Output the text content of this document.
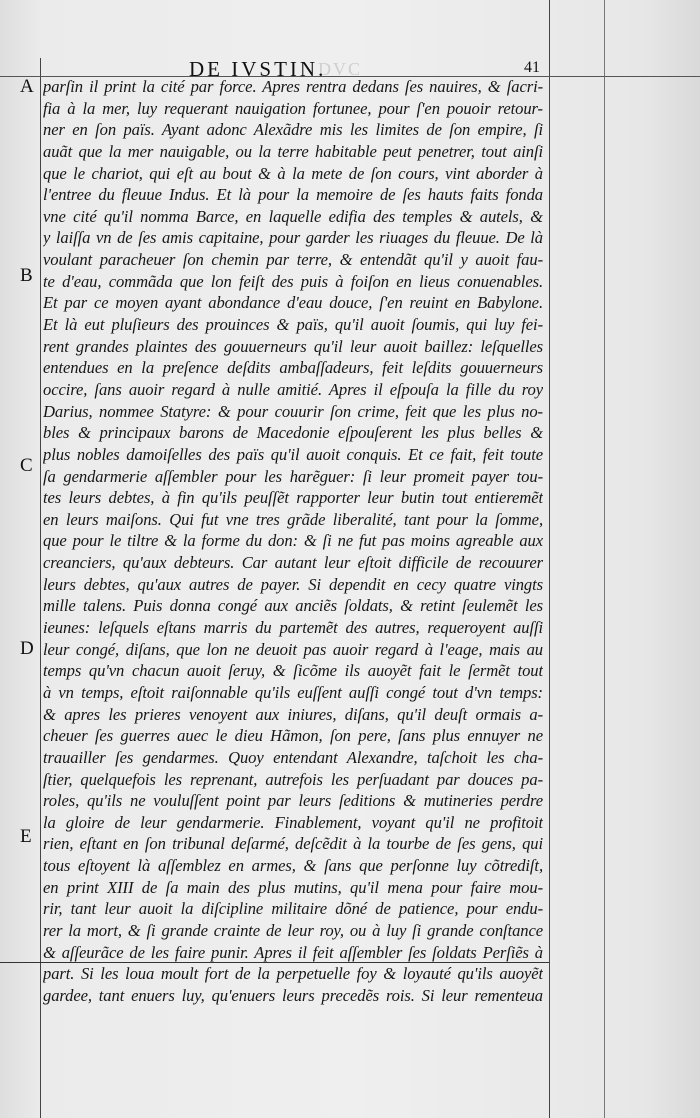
DVC
DE IVSTIN.	41
A
B
C
D
E
parſin il print la cité par force. Apres rentra dedans ſes nauires, & ſacri-
fia à la mer, luy requerant nauigation fortunee, pour ſ'en pouoir retour-
ner en ſon païs. Ayant adonc Alexãdre mis les limites de ſon empire, ſi
auãt que la mer nauigable, ou la terre habitable peut penetrer, tout ainſi
que le chariot, qui eſt au bout & à la mete de ſon cours, vint aborder à
l'entree du fleuue Indus. Et là pour la memoire de ſes hauts faits fonda
vne cité qu'il nomma Barce, en laquelle edifia des temples & autels, &
y laiſſa vn de ſes amis capitaine, pour garder les riuages du fleuue. De là
voulant paracheuer ſon chemin par terre, & entendãt qu'il y auoit fau-
te d'eau, commãda que lon feiſt des puis à foiſon en lieus conuenables.
Et par ce moyen ayant abondance d'eau douce, ſ'en reuint en Babylone.
Et là eut pluſieurs des prouinces & païs, qu'il auoit ſoumis, qui luy fei-
rent grandes plaintes des gouuerneurs qu'il leur auoit baillez: leſquelles
entendues en la preſence deſdits ambaſſadeurs, feit leſdits gouuerneurs
occire, ſans auoir regard à nulle amitié. Apres il eſpouſa la fille du roy
Darius, nommee Statyre: & pour couurir ſon crime, feit que les plus no-
bles & principaux barons de Macedonie eſpouſerent les plus belles &
plus nobles damoiſelles des païs qu'il auoit conquis. Et ce fait, feit toute
ſa gendarmerie aſſembler pour les harẽguer: ſi leur promeit payer tou-
tes leurs debtes, à fin qu'ils peuſſẽt rapporter leur butin tout entieremẽt
en leurs maiſons. Qui fut vne tres grãde liberalité, tant pour la ſomme,
que pour le tiltre & la forme du don: & ſi ne fut pas moins agreable aux
creanciers, qu'aux debteurs. Car autant leur eſtoit difficile de recouurer
leurs debtes, qu'aux autres de payer. Si dependit en cecy quatre vingts
mille talens. Puis donna congé aux anciẽs ſoldats, & retint ſeulemẽt les
ieunes: leſquels eſtans marris du partemẽt des autres, requeroyent auſſi
leur congé, diſans, que lon ne deuoit pas auoir regard à l'eage, mais au
temps qu'vn chacun auoit ſeruy, & ſicõme ils auoyẽt fait le ſermẽt tout
à vn temps, eſtoit raiſonnable qu'ils euſſent auſſi congé tout d'vn temps:
& apres les prieres venoyent aux iniures, diſans, qu'il deuſt ormais a-
cheuer ſes guerres auec le dieu Hãmon, ſon pere, ſans plus ennuyer ne
trauailler ſes gendarmes. Quoy entendant Alexandre, taſchoit les cha-
ſtier, quelquefois les reprenant, autrefois les perſuadant par douces pa-
roles, qu'ils ne vouluſſent point par leurs ſeditions & mutineries perdre
la gloire de leur gendarmerie. Finablement, voyant qu'il ne profitoit
rien, eſtant en ſon tribunal deſarmé, deſcẽdit à la tourbe de ſes gens, qui
tous eſtoyent là aſſemblez en armes, & ſans que perſonne luy cõtrediſt,
en print XIII de ſa main des plus mutins, qu'il mena pour faire mou-
rir, tant leur auoit la diſcipline militaire dõné de patience, pour endu-
rer la mort, & ſi grande crainte de leur roy, ou à luy ſi grande conſtance
& aſſeurãce de les faire punir. Apres il feit aſſembler ſes ſoldats Perſiẽs à
part. Si les loua moult fort de la perpetuelle foy & loyauté qu'ils auoyẽt
gardee, tant enuers luy, qu'enuers leurs precedẽs rois. Si leur rementeua
